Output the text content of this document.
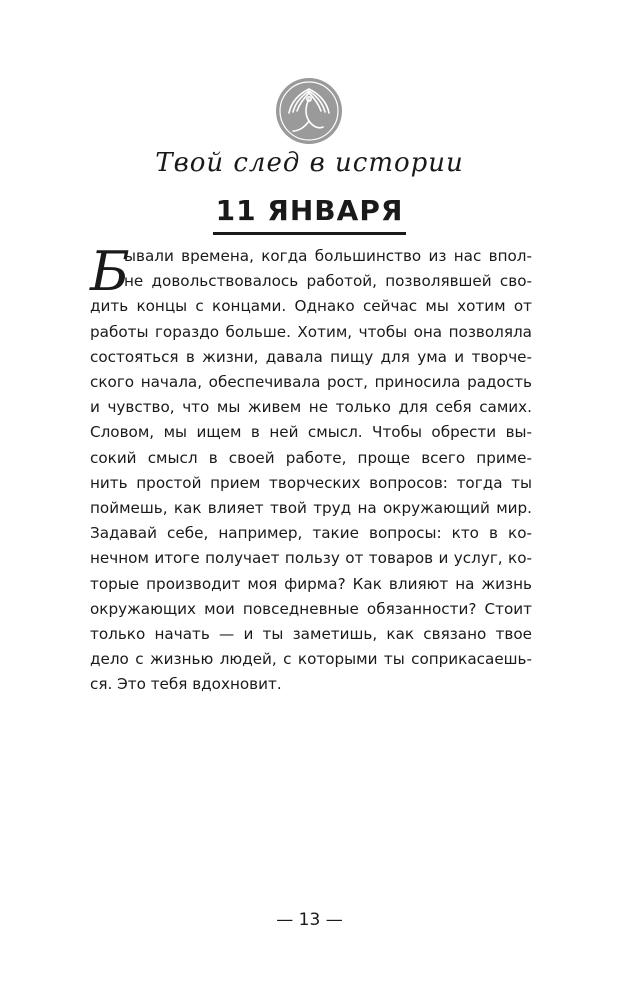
Твой след в истории
11 ЯНВАРЯ
Б
ывали времена, когда большинство из нас впол-
не довольствовалось работой, позволявшей сво-
дить концы с концами. Однако сейчас мы хотим от
работы гораздо больше. Хотим, чтобы она позволяла
состояться в жизни, давала пищу для ума и творче-
ского начала, обеспечивала рост, приносила радость
и чувство, что мы живем не только для себя самих.
Словом, мы ищем в ней смысл. Чтобы обрести вы-
сокий смысл в своей работе, проще всего приме-
нить простой прием творческих вопросов: тогда ты
поймешь, как влияет твой труд на окружающий мир.
Задавай себе, например, такие вопросы: кто в ко-
нечном итоге получает пользу от товаров и услуг, ко-
торые производит моя фирма? Как влияют на жизнь
окружающих мои повседневные обязанности? Стоит
только начать — и ты заметишь, как связано твое
дело с жизнью людей, с которыми ты соприкасаешь-
ся. Это тебя вдохновит.
— 13 —
